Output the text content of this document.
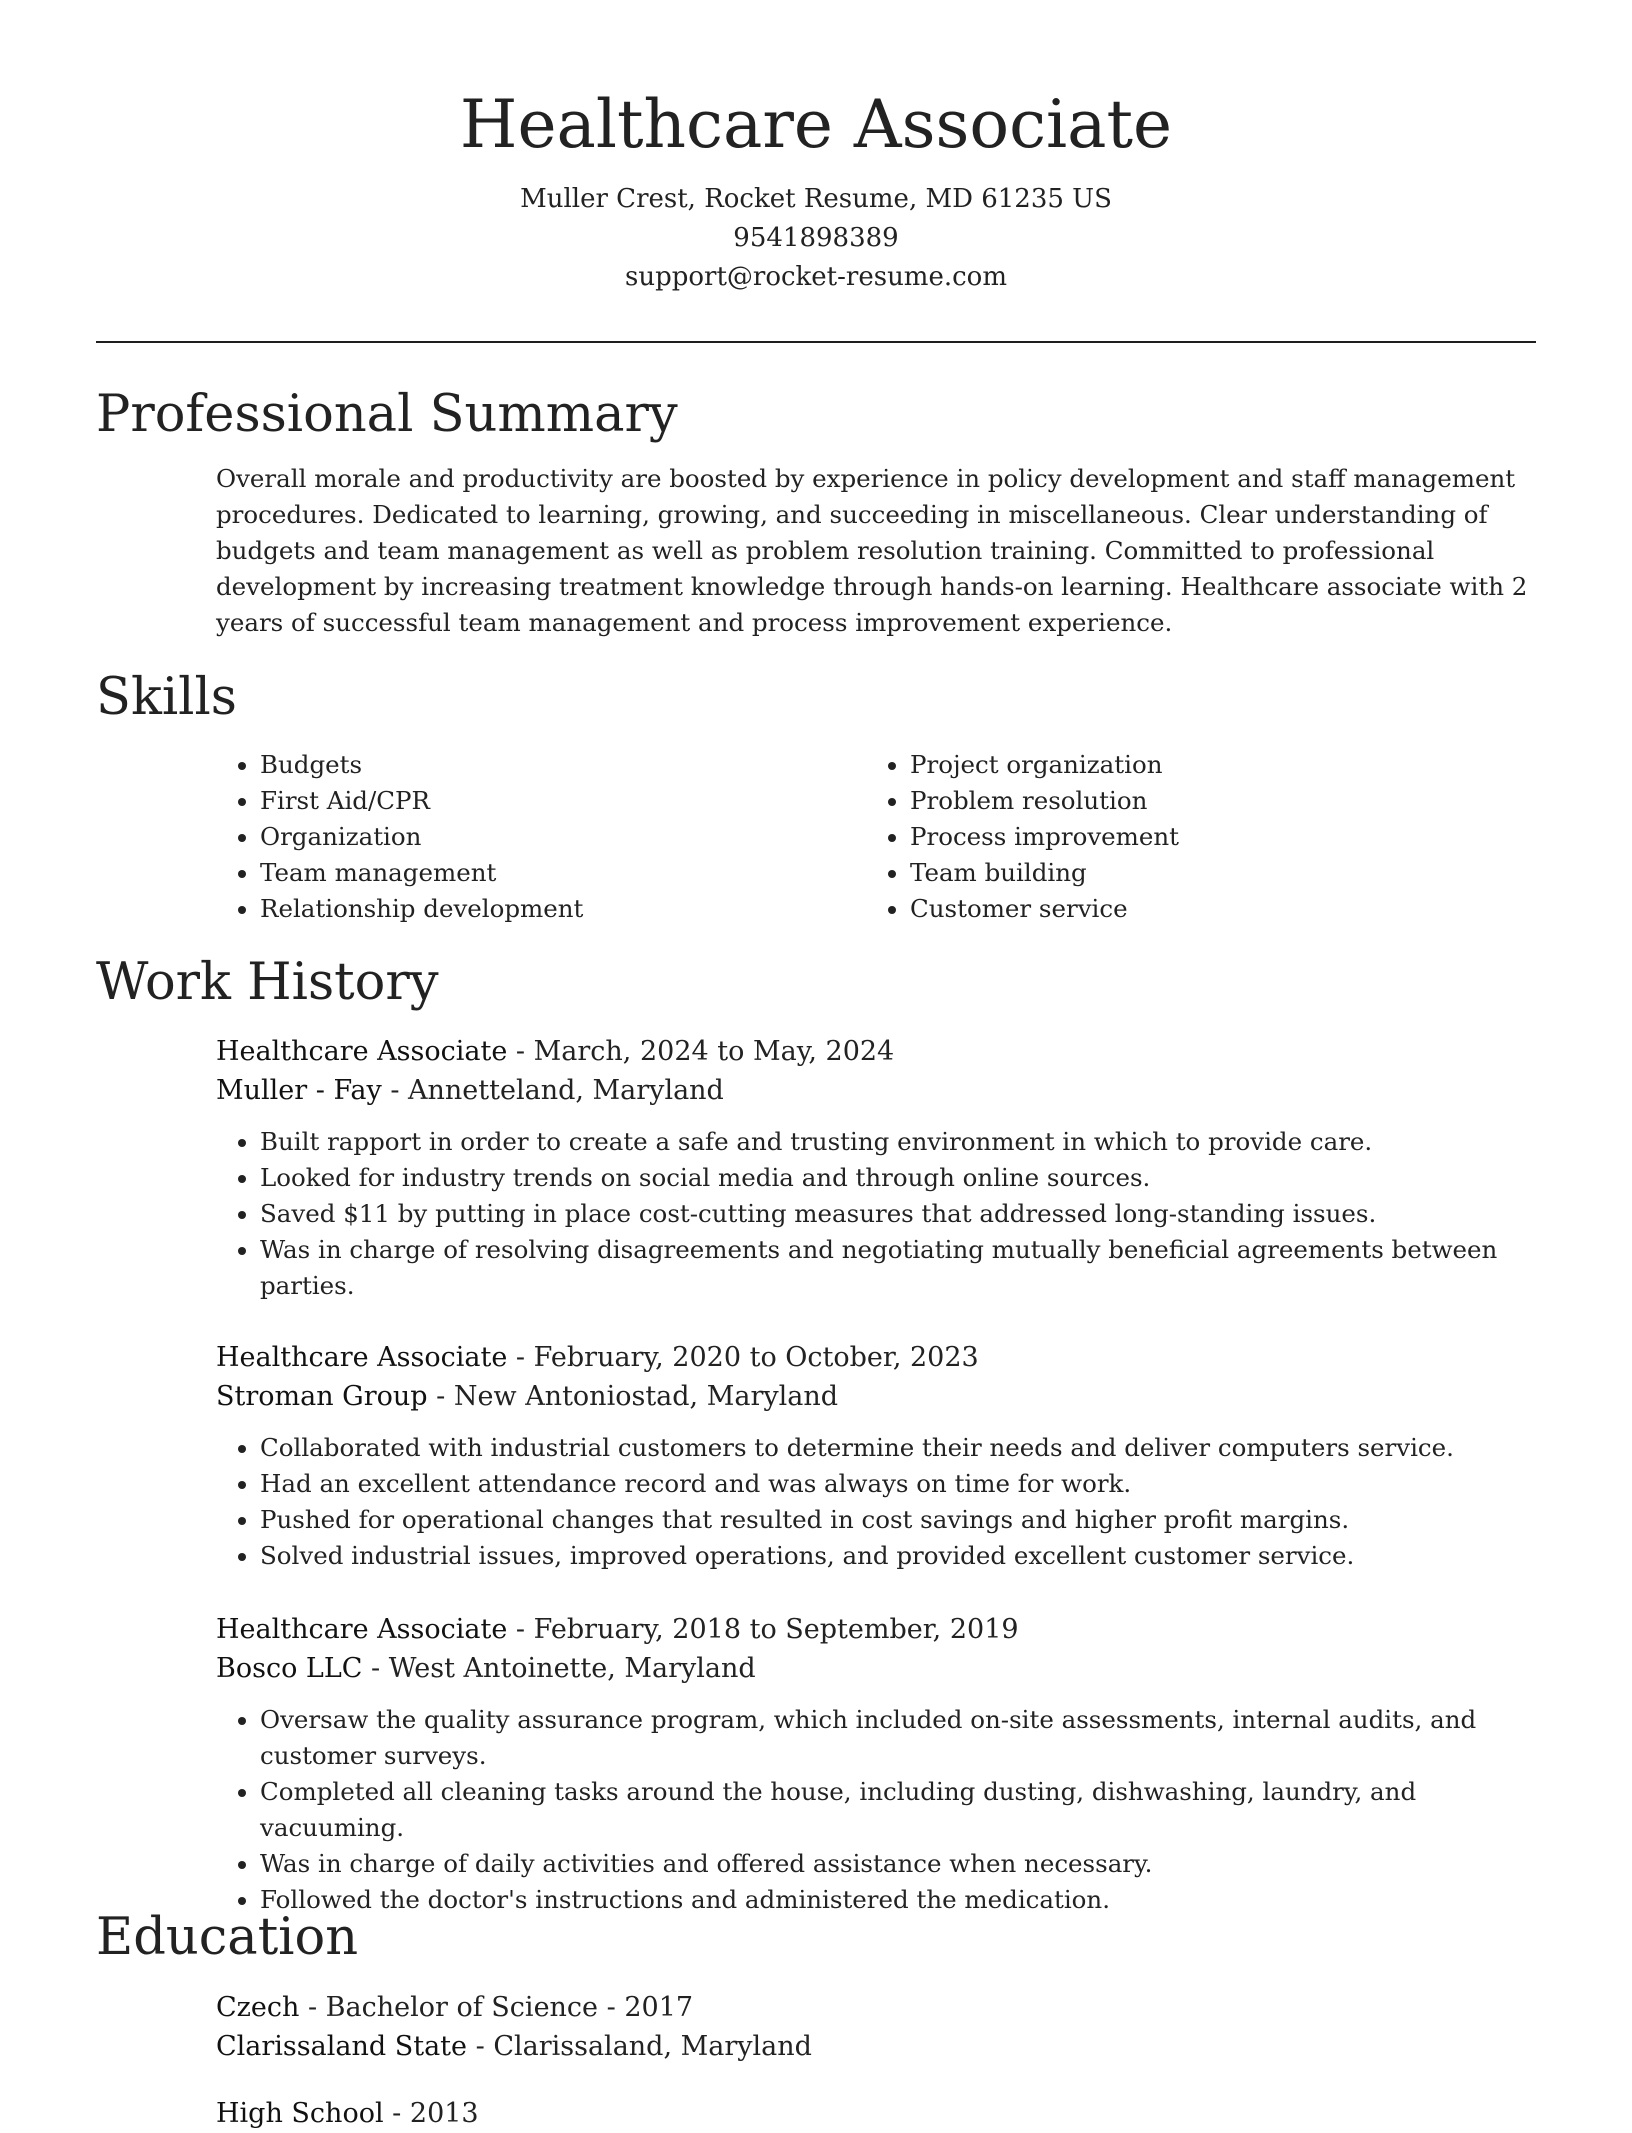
Healthcare Associate
Muller Crest, Rocket Resume, MD 61235 US
9541898389
support@rocket-resume.com
Professional Summary

Overall morale and productivity are boosted by experience in policy development and staff management procedures. Dedicated to learning, growing, and succeeding in miscellaneous. Clear understanding of budgets and team management as well as problem resolution training. Committed to professional development by increasing treatment knowledge through hands-on learning. Healthcare associate with 2 years of successful team management and process improvement experience.

Skills
• Budgets
• First Aid/CPR
• Organization
• Team management
• Relationship development
• Project organization
• Problem resolution
• Process improvement
• Team building
• Customer service
Work History
Healthcare Associate - March, 2024 to May, 2024
Muller - Fay - Annetteland, Maryland
• Built rapport in order to create a safe and trusting environment in which to provide care.
• Looked for industry trends on social media and through online sources.
• Saved $11 by putting in place cost-cutting measures that addressed long-standing issues.
• Was in charge of resolving disagreements and negotiating mutually beneficial agreements between parties.
Healthcare Associate - February, 2020 to October, 2023
Stroman Group - New Antoniostad, Maryland
• Collaborated with industrial customers to determine their needs and deliver computers service.
• Had an excellent attendance record and was always on time for work.
• Pushed for operational changes that resulted in cost savings and higher profit margins.
• Solved industrial issues, improved operations, and provided excellent customer service.
Healthcare Associate - February, 2018 to September, 2019
Bosco LLC - West Antoinette, Maryland
• Oversaw the quality assurance program, which included on-site assessments, internal audits, and customer surveys.
• Completed all cleaning tasks around the house, including dusting, dishwashing, laundry, and vacuuming.
• Was in charge of daily activities and offered assistance when necessary.
• Followed the doctor's instructions and administered the medication.
Education
Czech - Bachelor of Science - 2017
Clarissaland State - Clarissaland, Maryland
High School - 2013
